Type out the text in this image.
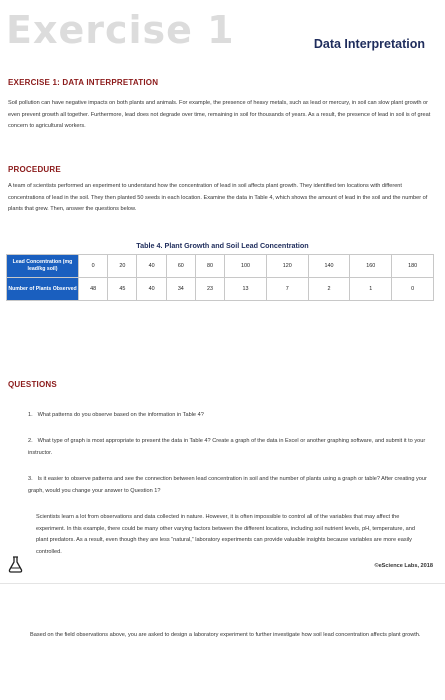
Exercise 1	Data Interpretation
EXERCISE 1: DATA INTERPRETATION
Soil pollution can have negative impacts on both plants and animals. For example, the presence of heavy metals, such as lead or mercury, in soil can slow plant growth or even prevent growth all together. Furthermore, lead does not degrade over time, remaining in soil for thousands of years. As a result, the presence of lead in soil is of great concern to agricultural workers.
PROCEDURE
A team of scientists performed an experiment to understand how the concentration of lead in soil affects plant growth. They identified ten locations with different concentrations of lead in the soil. They then planted 50 seeds in each location. Examine the data in Table 4, which shows the amount of lead in the soil and the number of plants that grew. Then, answer the questions below.
Table 4. Plant Growth and Soil Lead Concentration
Lead Concentration (mg lead/kg soil)	0	20	40	60	80	100	120	140	160	180
Number of Plants Observed	48	45	40	34	23	13	7	2	1	0
QUESTIONS
1. What patterns do you observe based on the information in Table 4?
2. What type of graph is most appropriate to present the data in Table 4? Create a graph of the data in Excel or another graphing software, and submit it to your instructor.
3. Is it easier to observe patterns and see the connection between lead concentration in soil and the number of plants using a graph or table? After creating your graph, would you change your answer to Question 1?
Scientists learn a lot from observations and data collected in nature. However, it is often impossible to control all of the variables that may affect the experiment. In this example, there could be many other varying factors between the different locations, including soil nutrient levels, pH, temperature, and plant predators. As a result, even though they are less “natural,” laboratory experiments can provide valuable insights because variables are more easily controlled.
©eScience Labs, 2018
Based on the field observations above, you are asked to design a laboratory experiment to further investigate how soil lead concentration affects plant growth.
